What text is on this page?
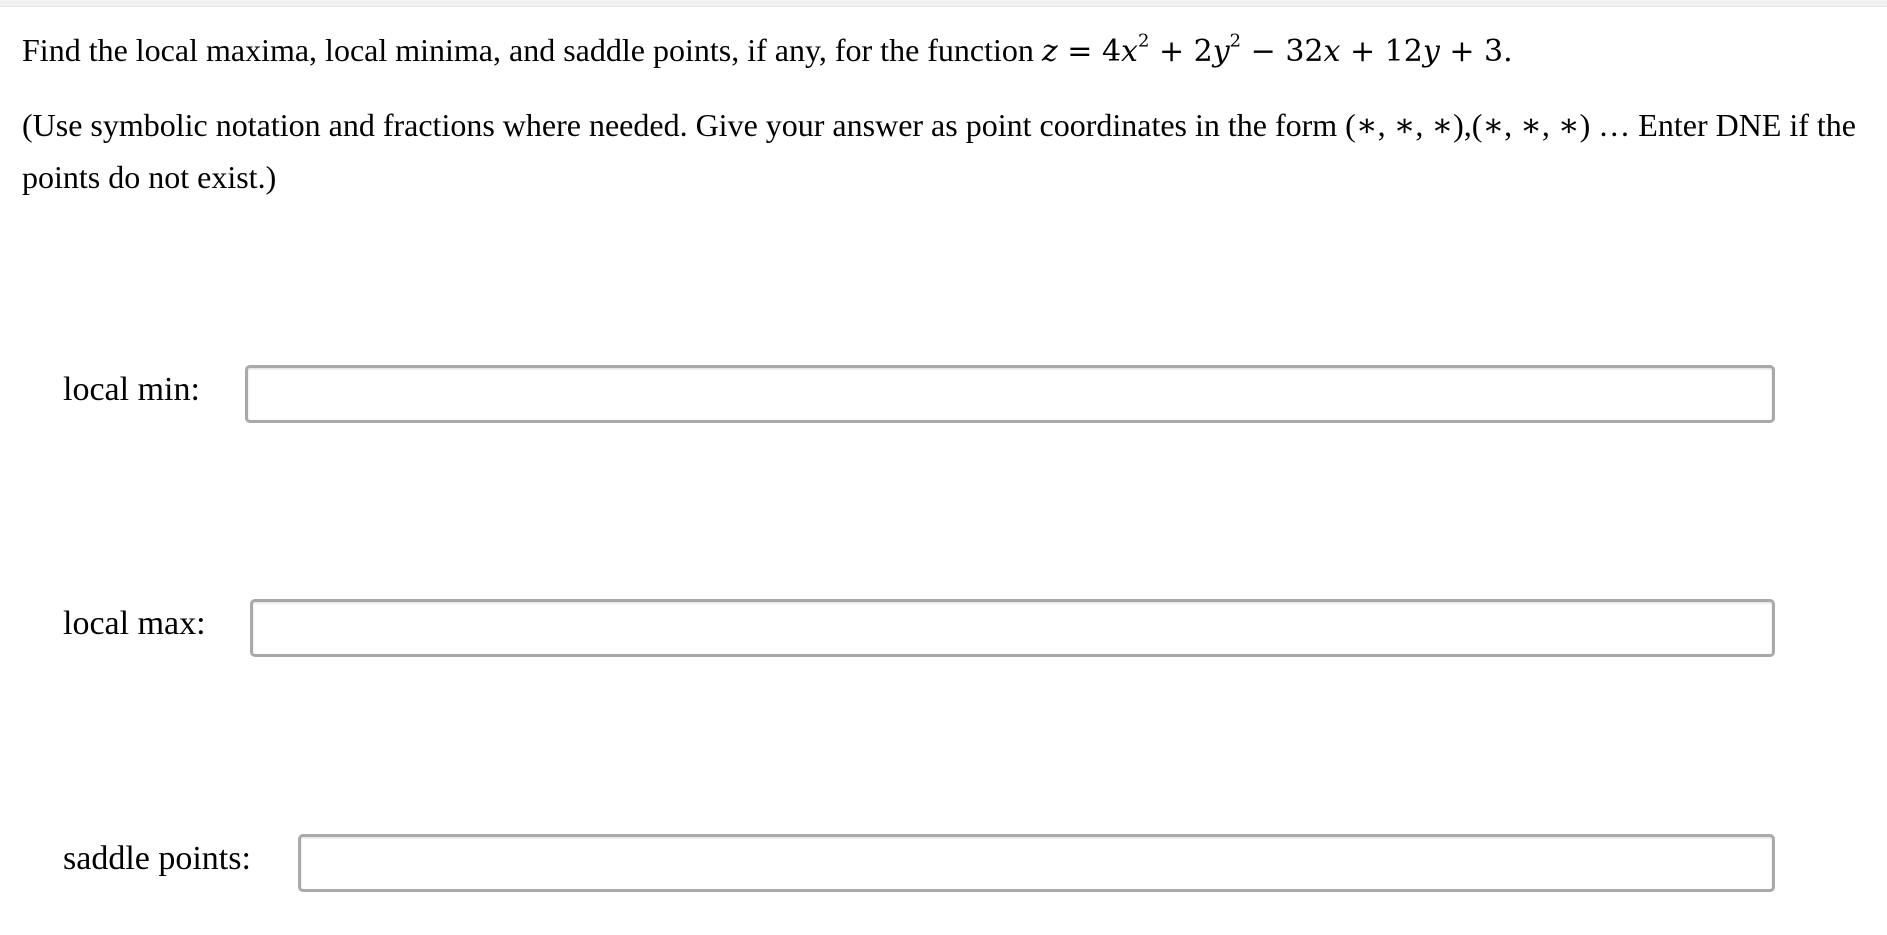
Find the local maxima, local minima, and saddle points, if any, for the function $z = 4x^2 + 2y^2 - 32x + 12y + 3$.

(Use symbolic notation and fractions where needed. Give your answer as point coordinates in the form (∗, ∗, ∗),(∗, ∗, ∗) … Enter DNE if the points do not exist.)

local min:
local max:
saddle points:
